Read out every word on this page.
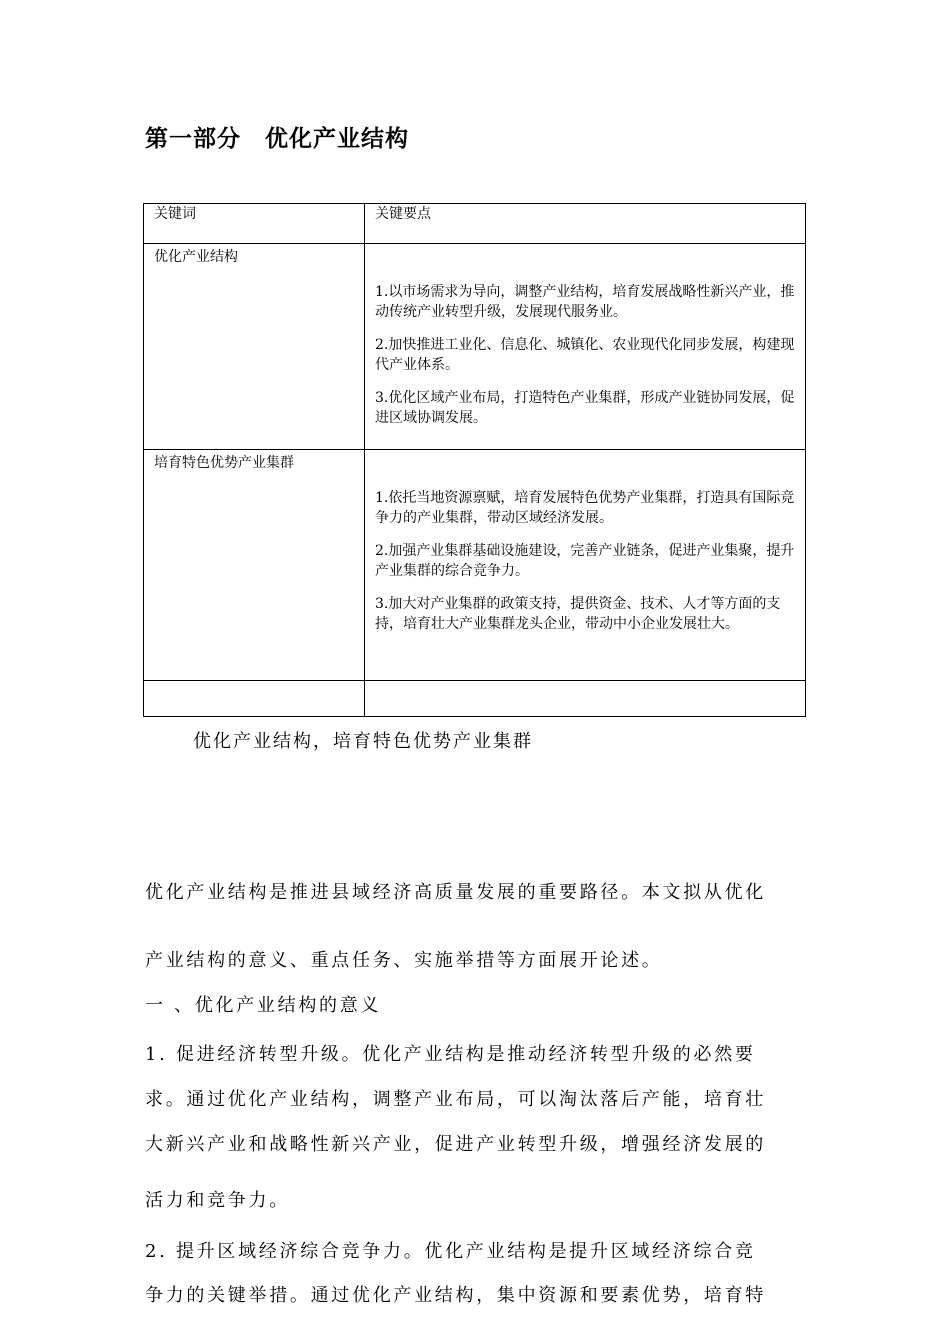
第一部分　优化产业结构
关键词	关键要点

优化产业结构	1.以市场需求为导向，调整产业结构，培育发展战略性新兴产业，推动传统产业转型升级，发展现代服务业。

2.加快推进工业化、信息化、城镇化、农业现代化同步发展，构建现代产业体系。

3.优化区域产业布局，打造特色产业集群，形成产业链协同发展，促进区域协调发展。

培育特色优势产业集群	1.依托当地资源禀赋，培育发展特色优势产业集群，打造具有国际竞争力的产业集群，带动区域经济发展。

2.加强产业集群基础设施建设，完善产业链条，促进产业集聚，提升产业集群的综合竞争力。

3.加大对产业集群的政策支持，提供资金、技术、人才等方面的支持，培育壮大产业集群龙头企业，带动中小企业发展壮大。

优化产业结构，培育特色优势产业集群

优化产业结构是推进县域经济高质量发展的重要路径。本文拟从优化

产业结构的意义、重点任务、实施举措等方面展开论述。

一 、优化产业结构的意义

1. 促进经济转型升级。优化产业结构是推动经济转型升级的必然要

求。通过优化产业结构，调整产业布局，可以淘汰落后产能，培育壮

大新兴产业和战略性新兴产业，促进产业转型升级，增强经济发展的

活力和竞争力。

2. 提升区域经济综合竞争力。优化产业结构是提升区域经济综合竞

争力的关键举措。通过优化产业结构，集中资源和要素优势，培育特
